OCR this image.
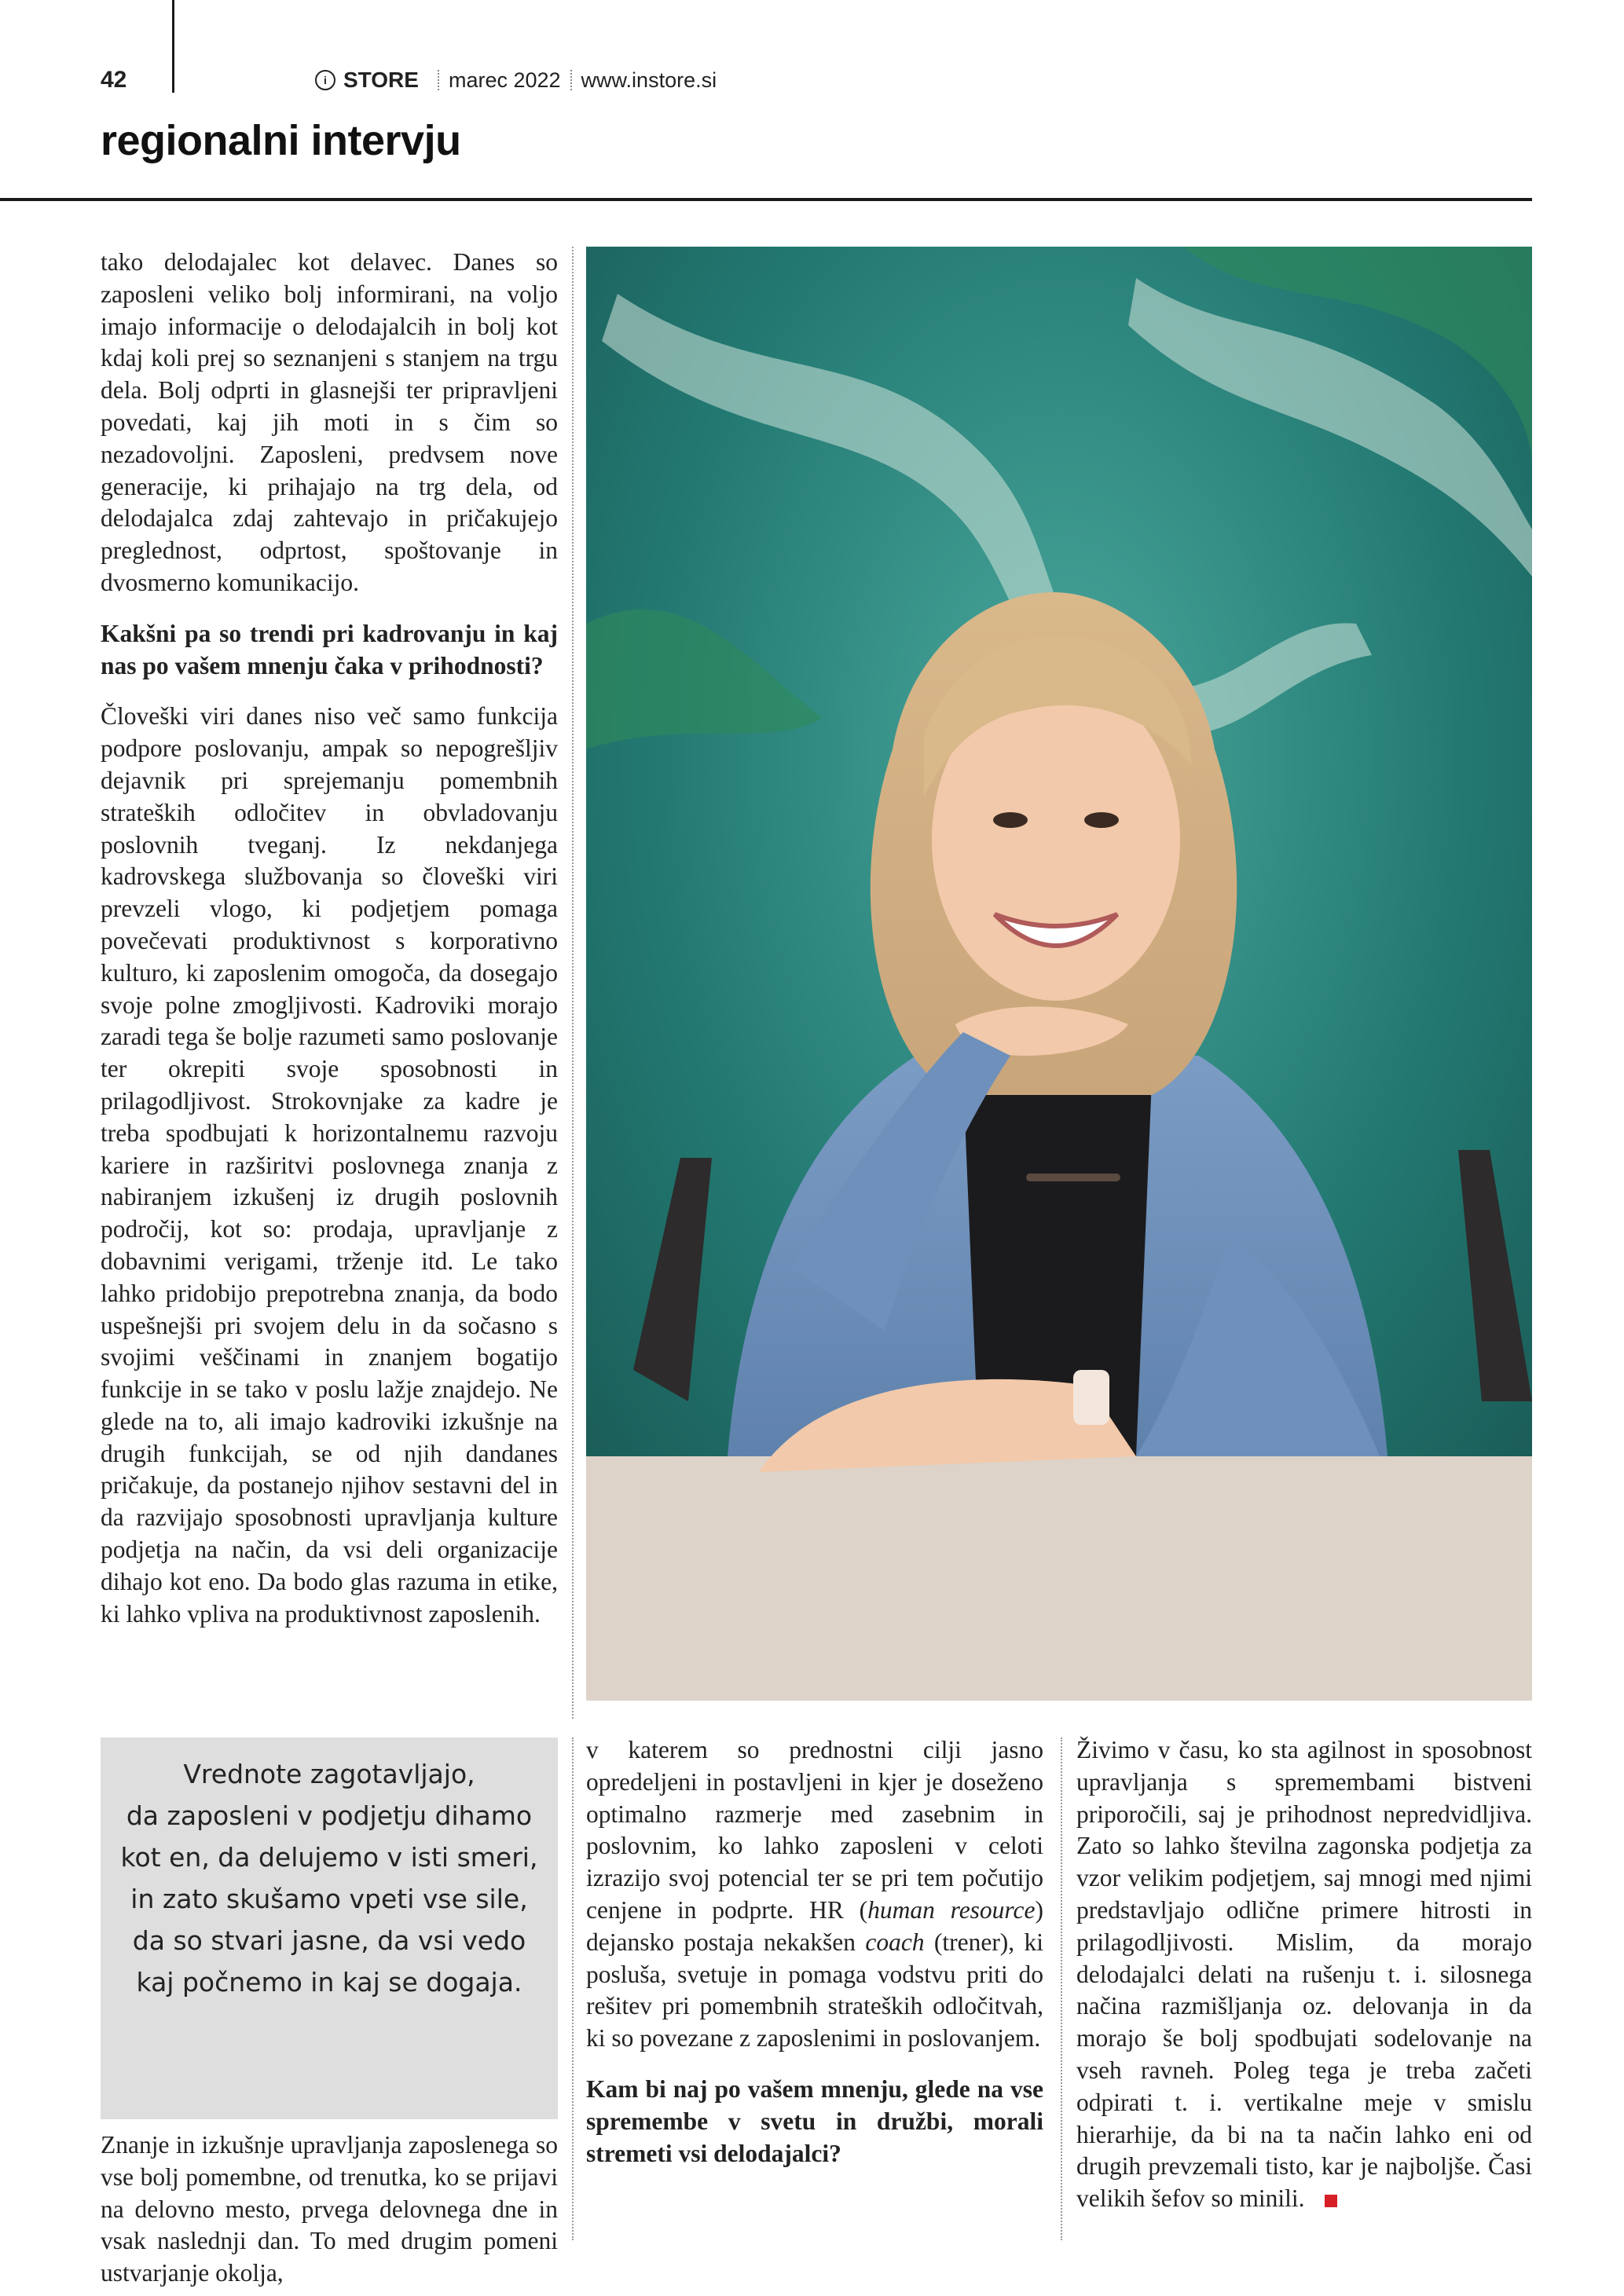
42	i STORE marec 2022 www.instore.si
regionalni intervju

tako delodajalec kot delavec. Danes so zaposleni veliko bolj informirani, na voljo imajo informacije o delodajalcih in bolj kot kdaj koli prej so seznanjeni s stanjem na trgu dela. Bolj odprti in glasnejši ter pripravljeni povedati, kaj jih moti in s čim so nezadovoljni. Zaposleni, predvsem nove generacije, ki prihajajo na trg dela, od delodajalca zdaj zahtevajo in pričakujejo preglednost, odprtost, spoštovanje in dvosmerno komunikacijo.

Kakšni pa so trendi pri kadrovanju in kaj nas po vašem mnenju čaka v prihodnosti?

Človeški viri danes niso več samo funkcija podpore poslovanju, ampak so nepogrešljiv dejavnik pri sprejemanju pomembnih strateških odločitev in obvladovanju poslovnih tveganj. Iz nekdanjega kadrovskega službovanja so človeški viri prevzeli vlogo, ki podjetjem pomaga povečevati produktivnost s korporativno kulturo, ki zaposlenim omogoča, da dosegajo svoje polne zmogljivosti. Kadroviki morajo zaradi tega še bolje razumeti samo poslovanje ter okrepiti svoje sposobnosti in prilagodljivost. Strokovnjake za kadre je treba spodbujati k horizontalnemu razvoju kariere in razširitvi poslovnega znanja z nabiranjem izkušenj iz drugih poslovnih področij, kot so: prodaja, upravljanje z dobavnimi verigami, trženje itd. Le tako lahko pridobijo prepotrebna znanja, da bodo uspešnejši pri svojem delu in da sočasno s svojimi veščinami in znanjem bogatijo funkcije in se tako v poslu lažje znajdejo. Ne glede na to, ali imajo kadroviki izkušnje na drugih funkcijah, se od njih dandanes pričakuje, da postanejo njihov sestavni del in da razvijajo sposobnosti upravljanja kulture podjetja na način, da vsi deli organizacije dihajo kot eno. Da bodo glas razuma in etike, ki lahko vpliva na produktivnost zaposlenih.

Vrednote zagotavljajo,
da zaposleni v podjetju dihamo
kot en, da delujemo v isti smeri,
in zato skušamo vpeti vse sile,
da so stvari jasne, da vsi vedo
kaj počnemo in kaj se dogaja.

Znanje in izkušnje upravljanja zaposlenega so vse bolj pomembne, od trenutka, ko se prijavi na delovno mesto, prvega delovnega dne in vsak naslednji dan. To med drugim pomeni ustvarjanje okolja,

v katerem so prednostni cilji jasno opredeljeni in postavljeni in kjer je doseženo optimalno razmerje med zasebnim in poslovnim, ko lahko zaposleni v celoti izrazijo svoj potencial ter se pri tem počutijo cenjene in podprte. HR (human resource) dejansko postaja nekakšen coach (trener), ki posluša, svetuje in pomaga vodstvu priti do rešitev pri pomembnih strateških odločitvah, ki so povezane z zaposlenimi in poslovanjem.

Kam bi naj po vašem mnenju, glede na vse spremembe v svetu in družbi, morali stremeti vsi delodajalci?

Živimo v času, ko sta agilnost in sposobnost upravljanja s spremembami bistveni priporočili, saj je prihodnost nepredvidljiva. Zato so lahko številna zagonska podjetja za vzor velikim podjetjem, saj mnogi med njimi predstavljajo odlične primere hitrosti in prilagodljivosti. Mislim, da morajo delodajalci delati na rušenju t. i. silosnega načina razmišljanja oz. delovanja in da morajo še bolj spodbujati sodelovanje na vseh ravneh. Poleg tega je treba začeti odpirati t. i. vertikalne meje v smislu hierarhije, da bi na ta način lahko eni od drugih prevzemali tisto, kar je najboljše. Časi velikih šefov so minili.
